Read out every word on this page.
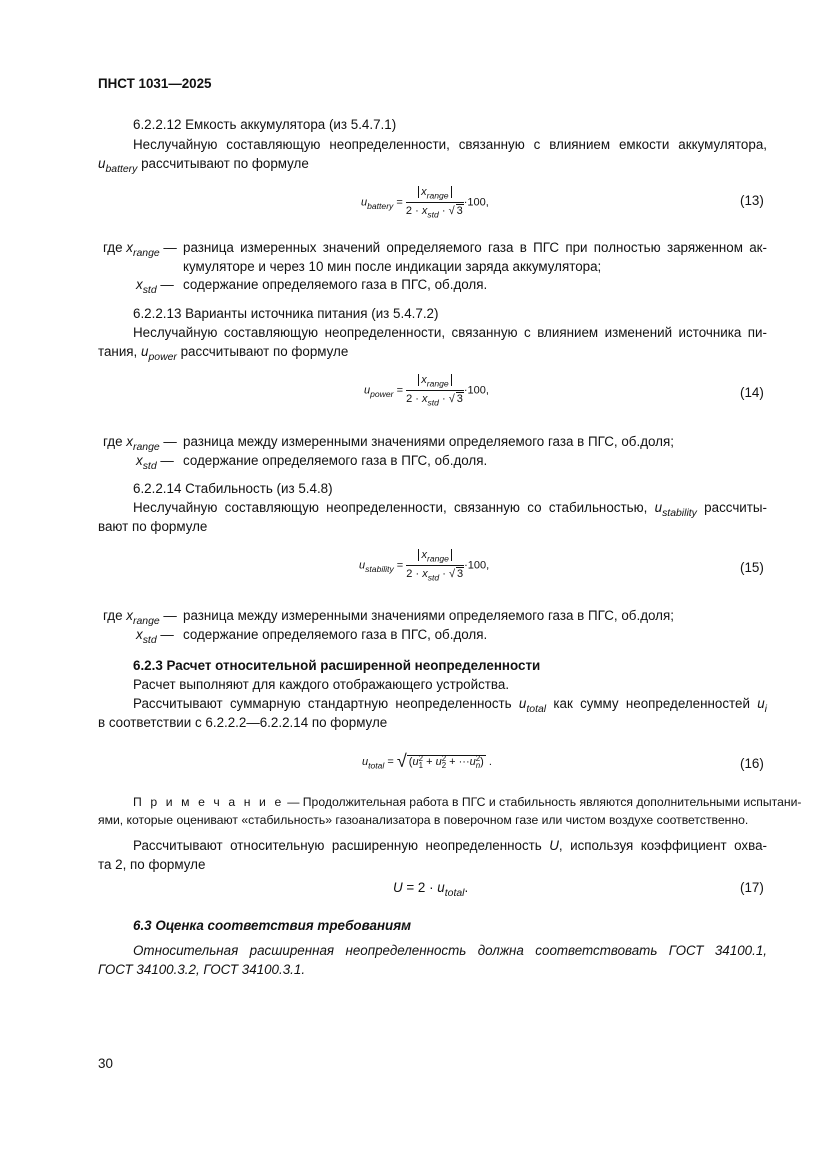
ПНСТ 1031—2025
6.2.2.12 Емкость аккумулятора (из 5.4.7.1)
Неслучайную составляющую неопределенности, связанную с влиянием емкости аккумулятора,
$u_{battery}$ рассчитывают по формуле
$u_{battery} = \frac{x_{range}}{2 \cdot x_{std} \cdot √ 3} \cdot 100$,	(13)
где $x_{range}$ — разница измеренных значений определяемого газа в ПГС при полностью заряженном ак-
кумуляторе и через 10 мин после индикации заряда аккумулятора;
$x_{std}$ — содержание определяемого газа в ПГС, об.доля.
6.2.2.13 Варианты источника питания (из 5.4.7.2)
Неслучайную составляющую неопределенности, связанную с влиянием изменений источника пи-
тания, $u_{power}$ рассчитывают по формуле
$u_{power} = \frac{x_{range}}{2 \cdot x_{std} \cdot √ 3} \cdot 100$,	(14)
где $x_{range}$ — разница между измеренными значениями определяемого газа в ПГС, об.доля;
$x_{std}$ — содержание определяемого газа в ПГС, об.доля.
6.2.2.14 Стабильность (из 5.4.8)
Неслучайную составляющую неопределенности, связанную со стабильностью, $u_{stability}$ рассчиты-
вают по формуле
$u_{stability} = \frac{x_{range}}{2 \cdot x_{std} \cdot √ 3} \cdot 100$,	(15)
где $x_{range}$ — разница между измеренными значениями определяемого газа в ПГС, об.доля;
$x_{std}$ — содержание определяемого газа в ПГС, об.доля.
6.2.3 Расчет относительной расширенной неопределенности
Расчет выполняют для каждого отображающего устройства.
Рассчитывают суммарную стандартную неопределенность $u_{total}$ как сумму неопределенностей $u_i$
в соответствии с 6.2.2.2—6.2.2.14 по формуле
$u_{total}$ = √ (u 2
1 + u 2
2 + ···u 2
n ) .	(16)
П р и м е ч а н и е — Продолжительная работа в ПГС и стабильность являются дополнительными испытани-
ями, которые оценивают «стабильность» газоанализатора в поверочном газе или чистом воздухе соответственно.
Рассчитывают относительную расширенную неопределенность U, используя коэффициент охва-
та 2, по формуле
$U = 2 \cdot u_{total}$.	(17)
6.3 Оценка соответствия требованиям
Относительная расширенная неопределенность должна соответствовать ГОСТ 34100.1,
ГОСТ 34100.3.2, ГОСТ 34100.3.1.
30
